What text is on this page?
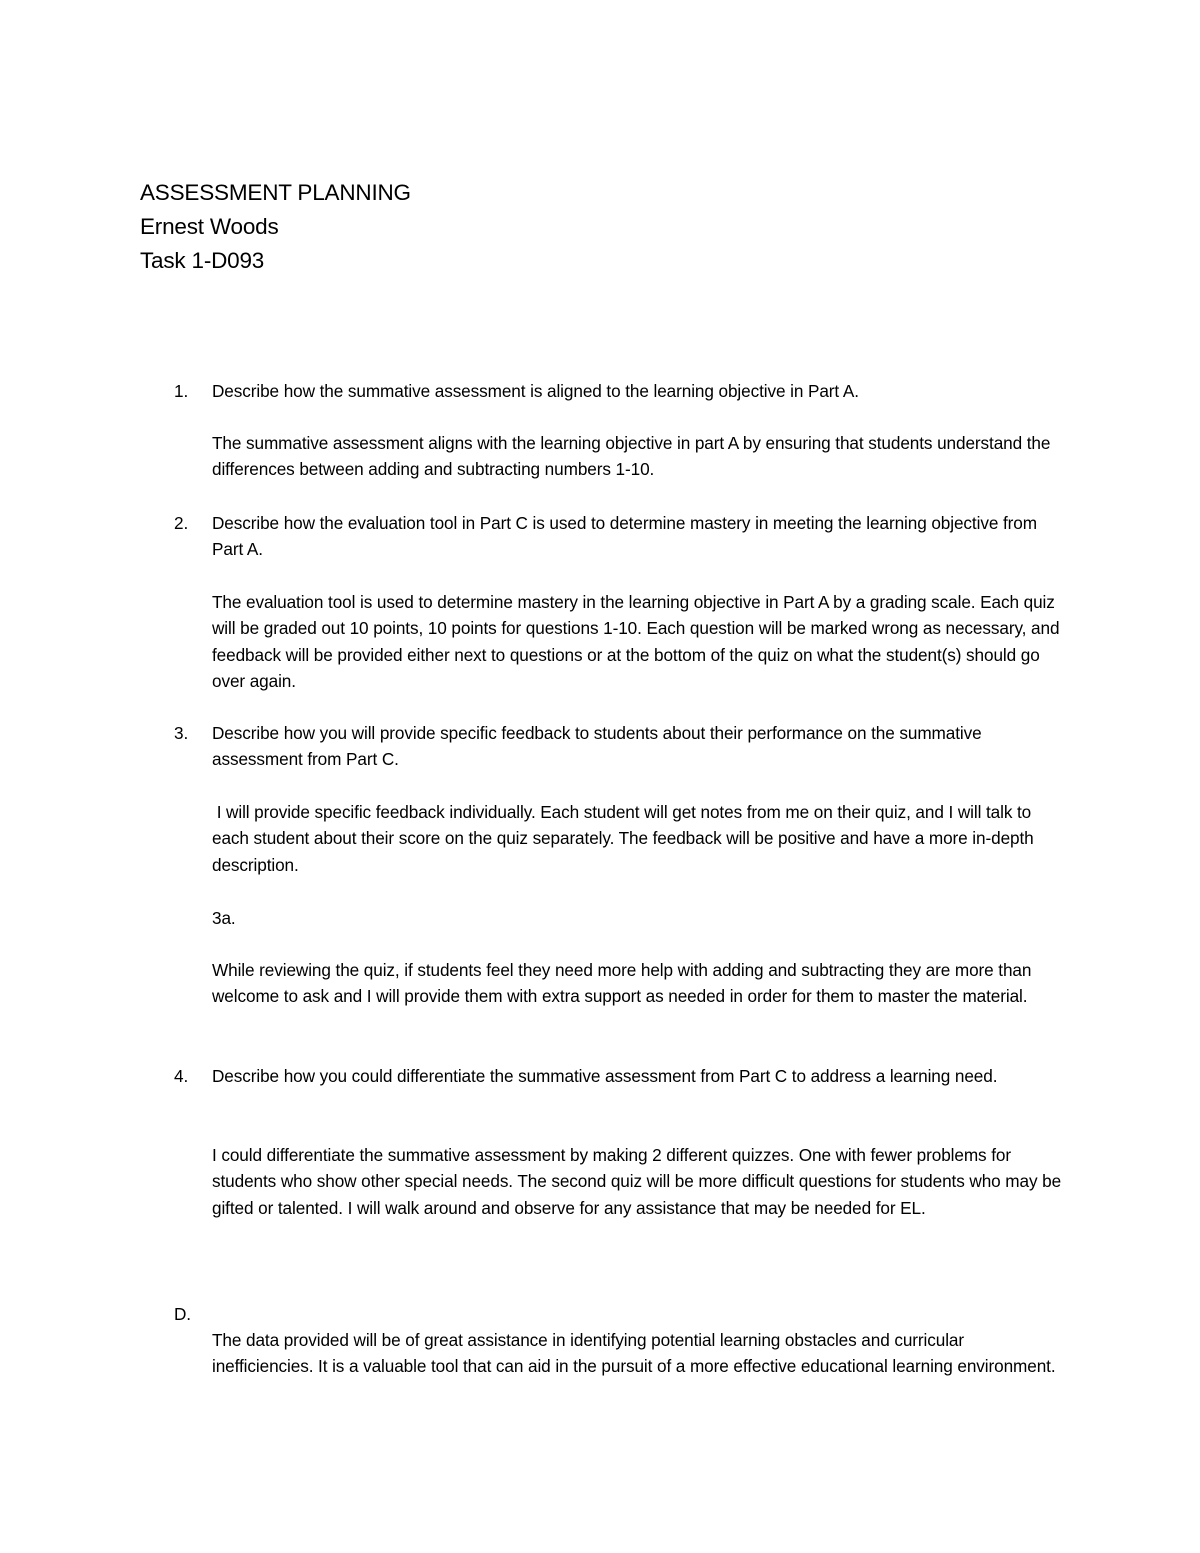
ASSESSMENT PLANNING
Ernest Woods
Task 1-D093
1.	Describe how the summative assessment is aligned to the learning objective in Part A.
The summative assessment aligns with the learning objective in part A by ensuring that students understand the differences between adding and subtracting numbers 1-10.
2.	Describe how the evaluation tool in Part C is used to determine mastery in meeting the learning objective from Part A.
The evaluation tool is used to determine mastery in the learning objective in Part A by a grading scale. Each quiz will be graded out 10 points, 10 points for questions 1-10. Each question will be marked wrong as necessary, and feedback will be provided either next to questions or at the bottom of the quiz on what the student(s) should go over again.
3.	Describe how you will provide specific feedback to students about their performance on the summative assessment from Part C.
I will provide specific feedback individually. Each student will get notes from me on their quiz, and I will talk to each student about their score on the quiz separately. The feedback will be positive and have a more in-depth description.
3a.
While reviewing the quiz, if students feel they need more help with adding and subtracting they are more than welcome to ask and I will provide them with extra support as needed in order for them to master the material.
4.	Describe how you could differentiate the summative assessment from Part C to address a learning need.
I could differentiate the summative assessment by making 2 different quizzes. One with fewer problems for students who show other special needs. The second quiz will be more difficult questions for students who may be gifted or talented. I will walk around and observe for any assistance that may be needed for EL.
D.
The data provided will be of great assistance in identifying potential learning obstacles and curricular inefficiencies. It is a valuable tool that can aid in the pursuit of a more effective educational learning environment.
